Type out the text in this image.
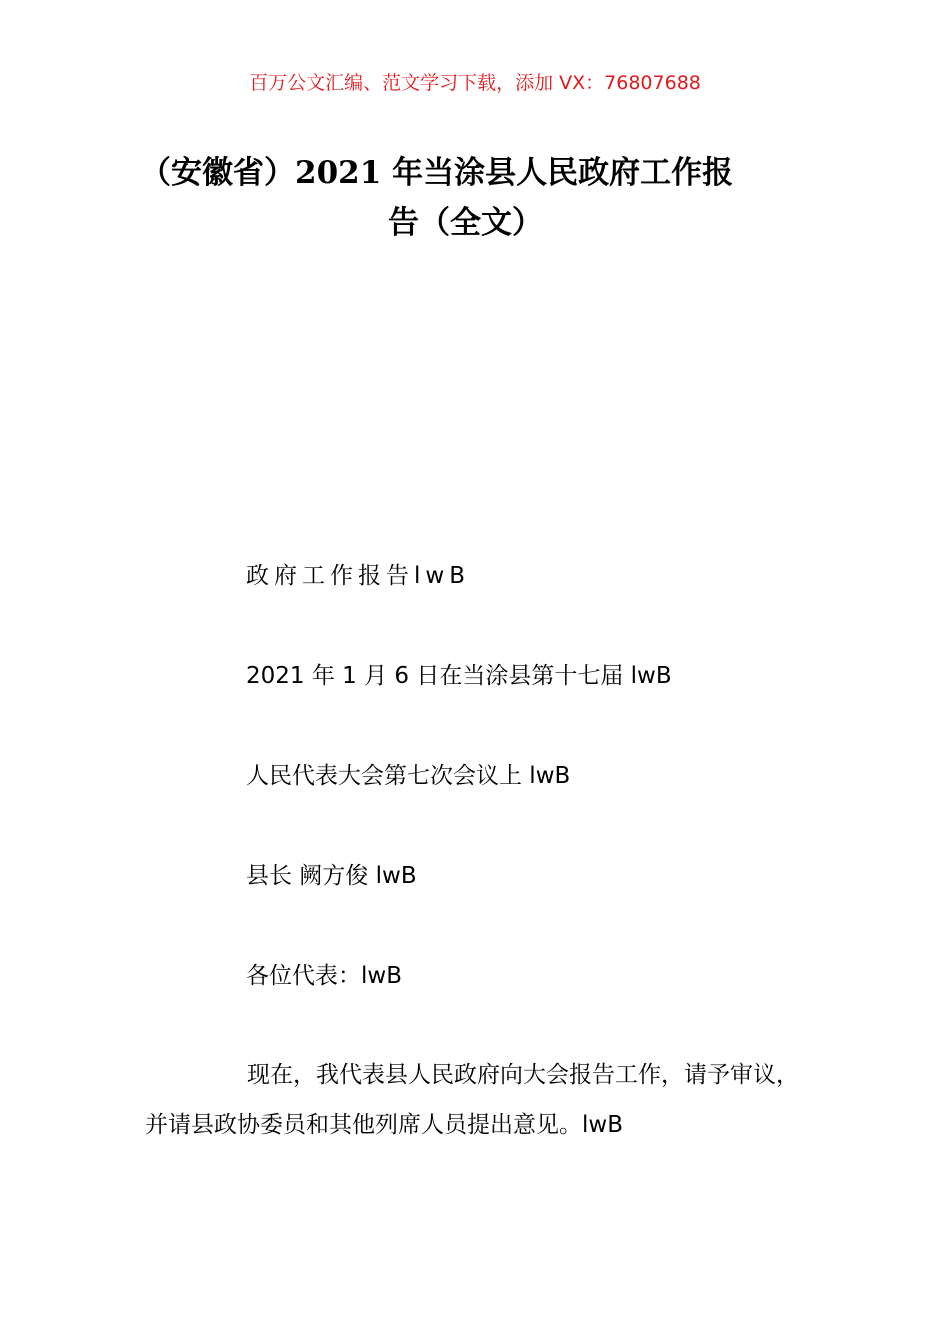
百万公文汇编、范文学习下载，添加 VX：76807688
（安徽省）2021 年当涂县人民政府工作报
告（全文）
政府工作报告lwB
2021 年 1 月 6 日在当涂县第十七届 lwB
人民代表大会第七次会议上 lwB
县长 阙方俊 lwB
各位代表：lwB
现在，我代表县人民政府向大会报告工作，请予审议，并请县政协委员和其他列席人员提出意见。lwB
